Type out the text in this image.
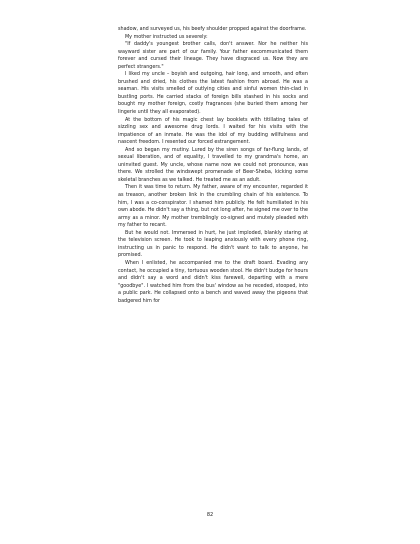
shadow, and surveyed us, his beefy shoulder propped against the doorframe.

My mother instructed us severely:

"If daddy's youngest brother calls, don't answer. Nor he neither his wayward sister are part of our family. Your father excommunicated them forever and cursed their lineage. They have disgraced us. Now they are perfect strangers."

I liked my uncle – boyish and outgoing, hair long, and smooth, and often brushed and dried, his clothes the latest fashion from abroad. He was a seaman. His visits smelled of outlying cities and sinful women thin-clad in bustling ports. He carried stacks of foreign bills stashed in his socks and bought my mother foreign, costly fragrances (she buried them among her lingerie until they all evaporated).

At the bottom of his magic chest lay booklets with titillating tales of sizzling sex and awesome drug lords. I waited for his visits with the impatience of an inmate. He was the idol of my budding willfulness and nascent freedom. I resented our forced estrangement.

And so began my mutiny. Lured by the siren songs of far-flung lands, of sexual liberation, and of equality, I travelled to my grandma's home, an uninvited guest. My uncle, whose name now we could not pronounce, was there. We strolled the windswept promenade of Beer-Sheba, kicking some skeletal branches as we talked. He treated me as an adult.

Then it was time to return. My father, aware of my encounter, regarded it as treason, another broken link in the crumbling chain of his existence. To him, I was a co-conspirator. I shamed him publicly. He felt humiliated in his own abode. He didn't say a thing, but not long after, he signed me over to the army as a minor. My mother tremblingly co-signed and mutely pleaded with my father to recant.

But he would not. Immersed in hurt, he just imploded, blankly staring at the television screen. He took to leaping anxiously with every phone ring, instructing us in panic to respond. He didn't want to talk to anyone, he promised.

When I enlisted, he accompanied me to the draft board. Evading any contact, he occupied a tiny, tortuous wooden stool. He didn't budge for hours and didn't say a word and didn't kiss farewell, departing with a mere "goodbye". I watched him from the bus' window as he receded, stooped, into a public park. He collapsed onto a bench and waved away the pigeons that badgered him for

82
